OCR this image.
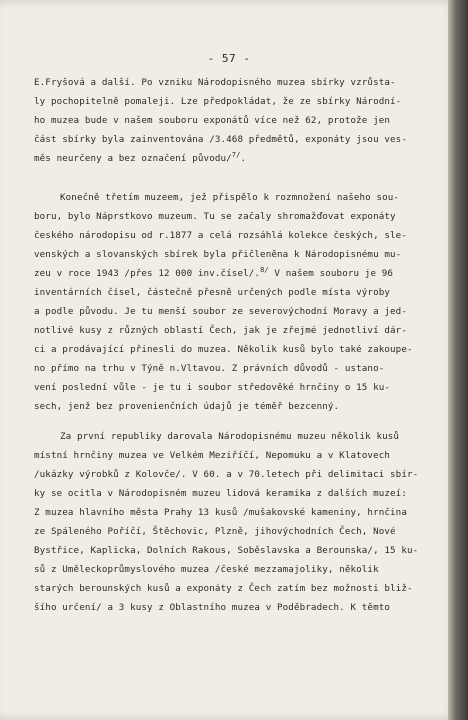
- 57 -
E.Fryšová a další. Po vzniku Národopisného muzea sbírky vzrůsta-
ly pochopitelně pomaleji. Lze předpokládat, že ze sbírky Národní-
ho muzea bude v našem souboru exponátů více než 62, protože jen
část sbírky byla zainventována /3.468 předmětů, exponáty jsou ves-
měs neurčeny a bez označení původu/$^{7/}$.
Konečně třetím muzeem, jež přispělo k rozmnožení našeho sou-
boru, bylo Náprstkovo muzeum. Tu se začaly shromažďovat exponáty
českého národopisu od r.1877 a celá rozsáhlá kolekce českých, sle-
venských a slovanských sbírek byla přičleněna k Národopisnému mu-
zeu v roce 1943 /přes 12 000 inv.čísel/.$^{8/}$ V našem souboru je 96
inventárních čísel, částečně přesně určených podle místa výroby
a podle původu. Je tu menší soubor ze severovýchodní Moravy a jed-
notlivé kusy z různých oblastí Čech, jak je zřejmé jednotliví dár-
ci a prodávající přinesli do muzea. Několik kusů bylo také zakoupe-
no přímo na trhu v Týně n.Vltavou. Z právních důvodů - ustano-
vení poslední vůle - je tu i soubor středověké hrnčiny o 15 ku-
sech, jenž bez provenienčních údajů je téměř bezcenný.
Za první republiky darovala Národopisnému muzeu několik kusů
místní hrnčiny muzea ve Velkém Meziříčí, Nepomuku a v Klatovech
/ukázky výrobků z Kolovče/. V 60. a v 70.letech při delimitaci sbír-
ky se ocitla v Národopisném muzeu lidová keramika z dalších muzeí:
Z muzea hlavního města Prahy 13 kusů /mušakovské kameniny, hrnčina
ze Spáleného Poříčí, Štěchovic, Plzně, jihovýchodních Čech, Nové
Bystřice, Kaplicka, Dolních Rakous, Soběslavska a Berounska/, 15 ku-
sů z Uměleckoprůmyslového muzea /české mezzamajoliky, několik
starých berounských kusů a exponáty z Čech zatím bez možnosti bliž-
šího určení/ a 3 kusy z Oblastního muzea v Poděbradech. K těmto
